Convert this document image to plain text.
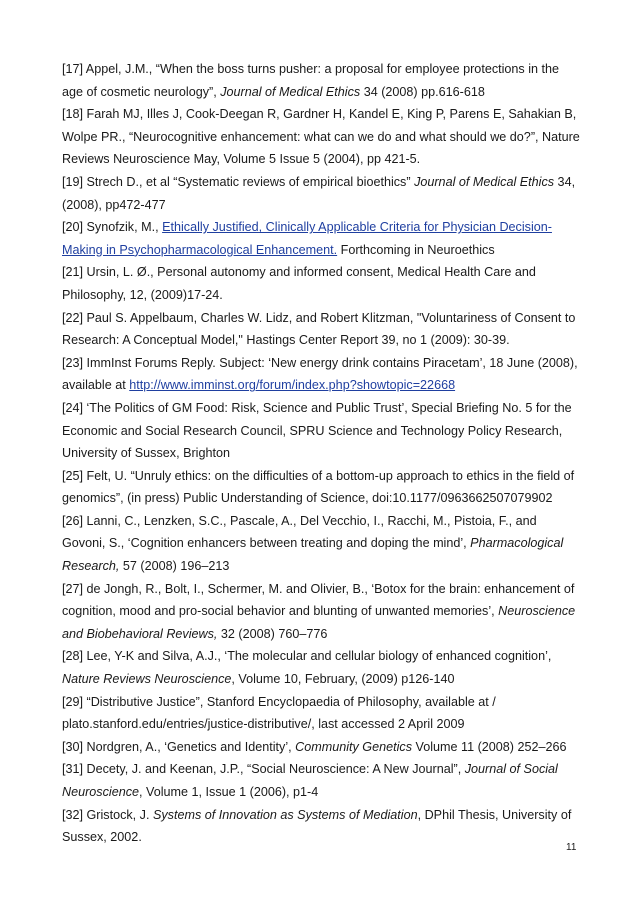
[17] Appel, J.M., “When the boss turns pusher: a proposal for employee protections in the age of cosmetic neurology”, Journal of Medical Ethics 34 (2008) pp.616-618

[18] Farah MJ, Illes J, Cook-Deegan R, Gardner H, Kandel E, King P, Parens E, Sahakian B, Wolpe PR., “Neurocognitive enhancement: what can we do and what should we do?”, Nature Reviews Neuroscience May, Volume 5 Issue 5 (2004), pp 421-5.

[19] Strech D., et al “Systematic reviews of empirical bioethics” Journal of Medical Ethics 34, (2008), pp472-477

[20] Synofzik, M., Ethically Justified, Clinically Applicable Criteria for Physician Decision-Making in Psychopharmacological Enhancement. Forthcoming in Neuroethics

[21] Ursin, L. Ø., Personal autonomy and informed consent, Medical Health Care and Philosophy, 12, (2009)17-24.

[22] Paul S. Appelbaum, Charles W. Lidz, and Robert Klitzman, "Voluntariness of Consent to Research: A Conceptual Model," Hastings Center Report 39, no 1 (2009): 30-39.

[23] ImmInst Forums Reply. Subject: ‘New energy drink contains Piracetam’, 18 June (2008), available at http://www.imminst.org/forum/index.php?showtopic=22668

[24] ‘The Politics of GM Food: Risk, Science and Public Trust’, Special Briefing No. 5 for the Economic and Social Research Council, SPRU Science and Technology Policy Research, University of Sussex, Brighton

[25] Felt, U. “Unruly ethics: on the difficulties of a bottom-up approach to ethics in the field of genomics”, (in press) Public Understanding of Science, doi:10.1177/0963662507079902

[26] Lanni, C., Lenzken, S.C., Pascale, A., Del Vecchio, I., Racchi, M., Pistoia, F., and Govoni, S., ‘Cognition enhancers between treating and doping the mind’, Pharmacological Research, 57 (2008) 196–213

[27] de Jongh, R., Bolt, I., Schermer, M. and Olivier, B., ‘Botox for the brain: enhancement of cognition, mood and pro-social behavior and blunting of unwanted memories’, Neuroscience and Biobehavioral Reviews, 32 (2008) 760–776

[28] Lee, Y-K and Silva, A.J., ‘The molecular and cellular biology of enhanced cognition’, Nature Reviews Neuroscience, Volume 10, February, (2009) p126-140

[29] “Distributive Justice”, Stanford Encyclopaedia of Philosophy, available at / plato.stanford.edu/entries/justice-distributive/, last accessed 2 April 2009

[30] Nordgren, A., ‘Genetics and Identity’, Community Genetics Volume 11 (2008) 252–266

[31] Decety, J. and Keenan, J.P., “Social Neuroscience: A New Journal”, Journal of Social Neuroscience, Volume 1, Issue 1 (2006), p1-4

[32] Gristock, J. Systems of Innovation as Systems of Mediation, DPhil Thesis, University of Sussex, 2002.

11
